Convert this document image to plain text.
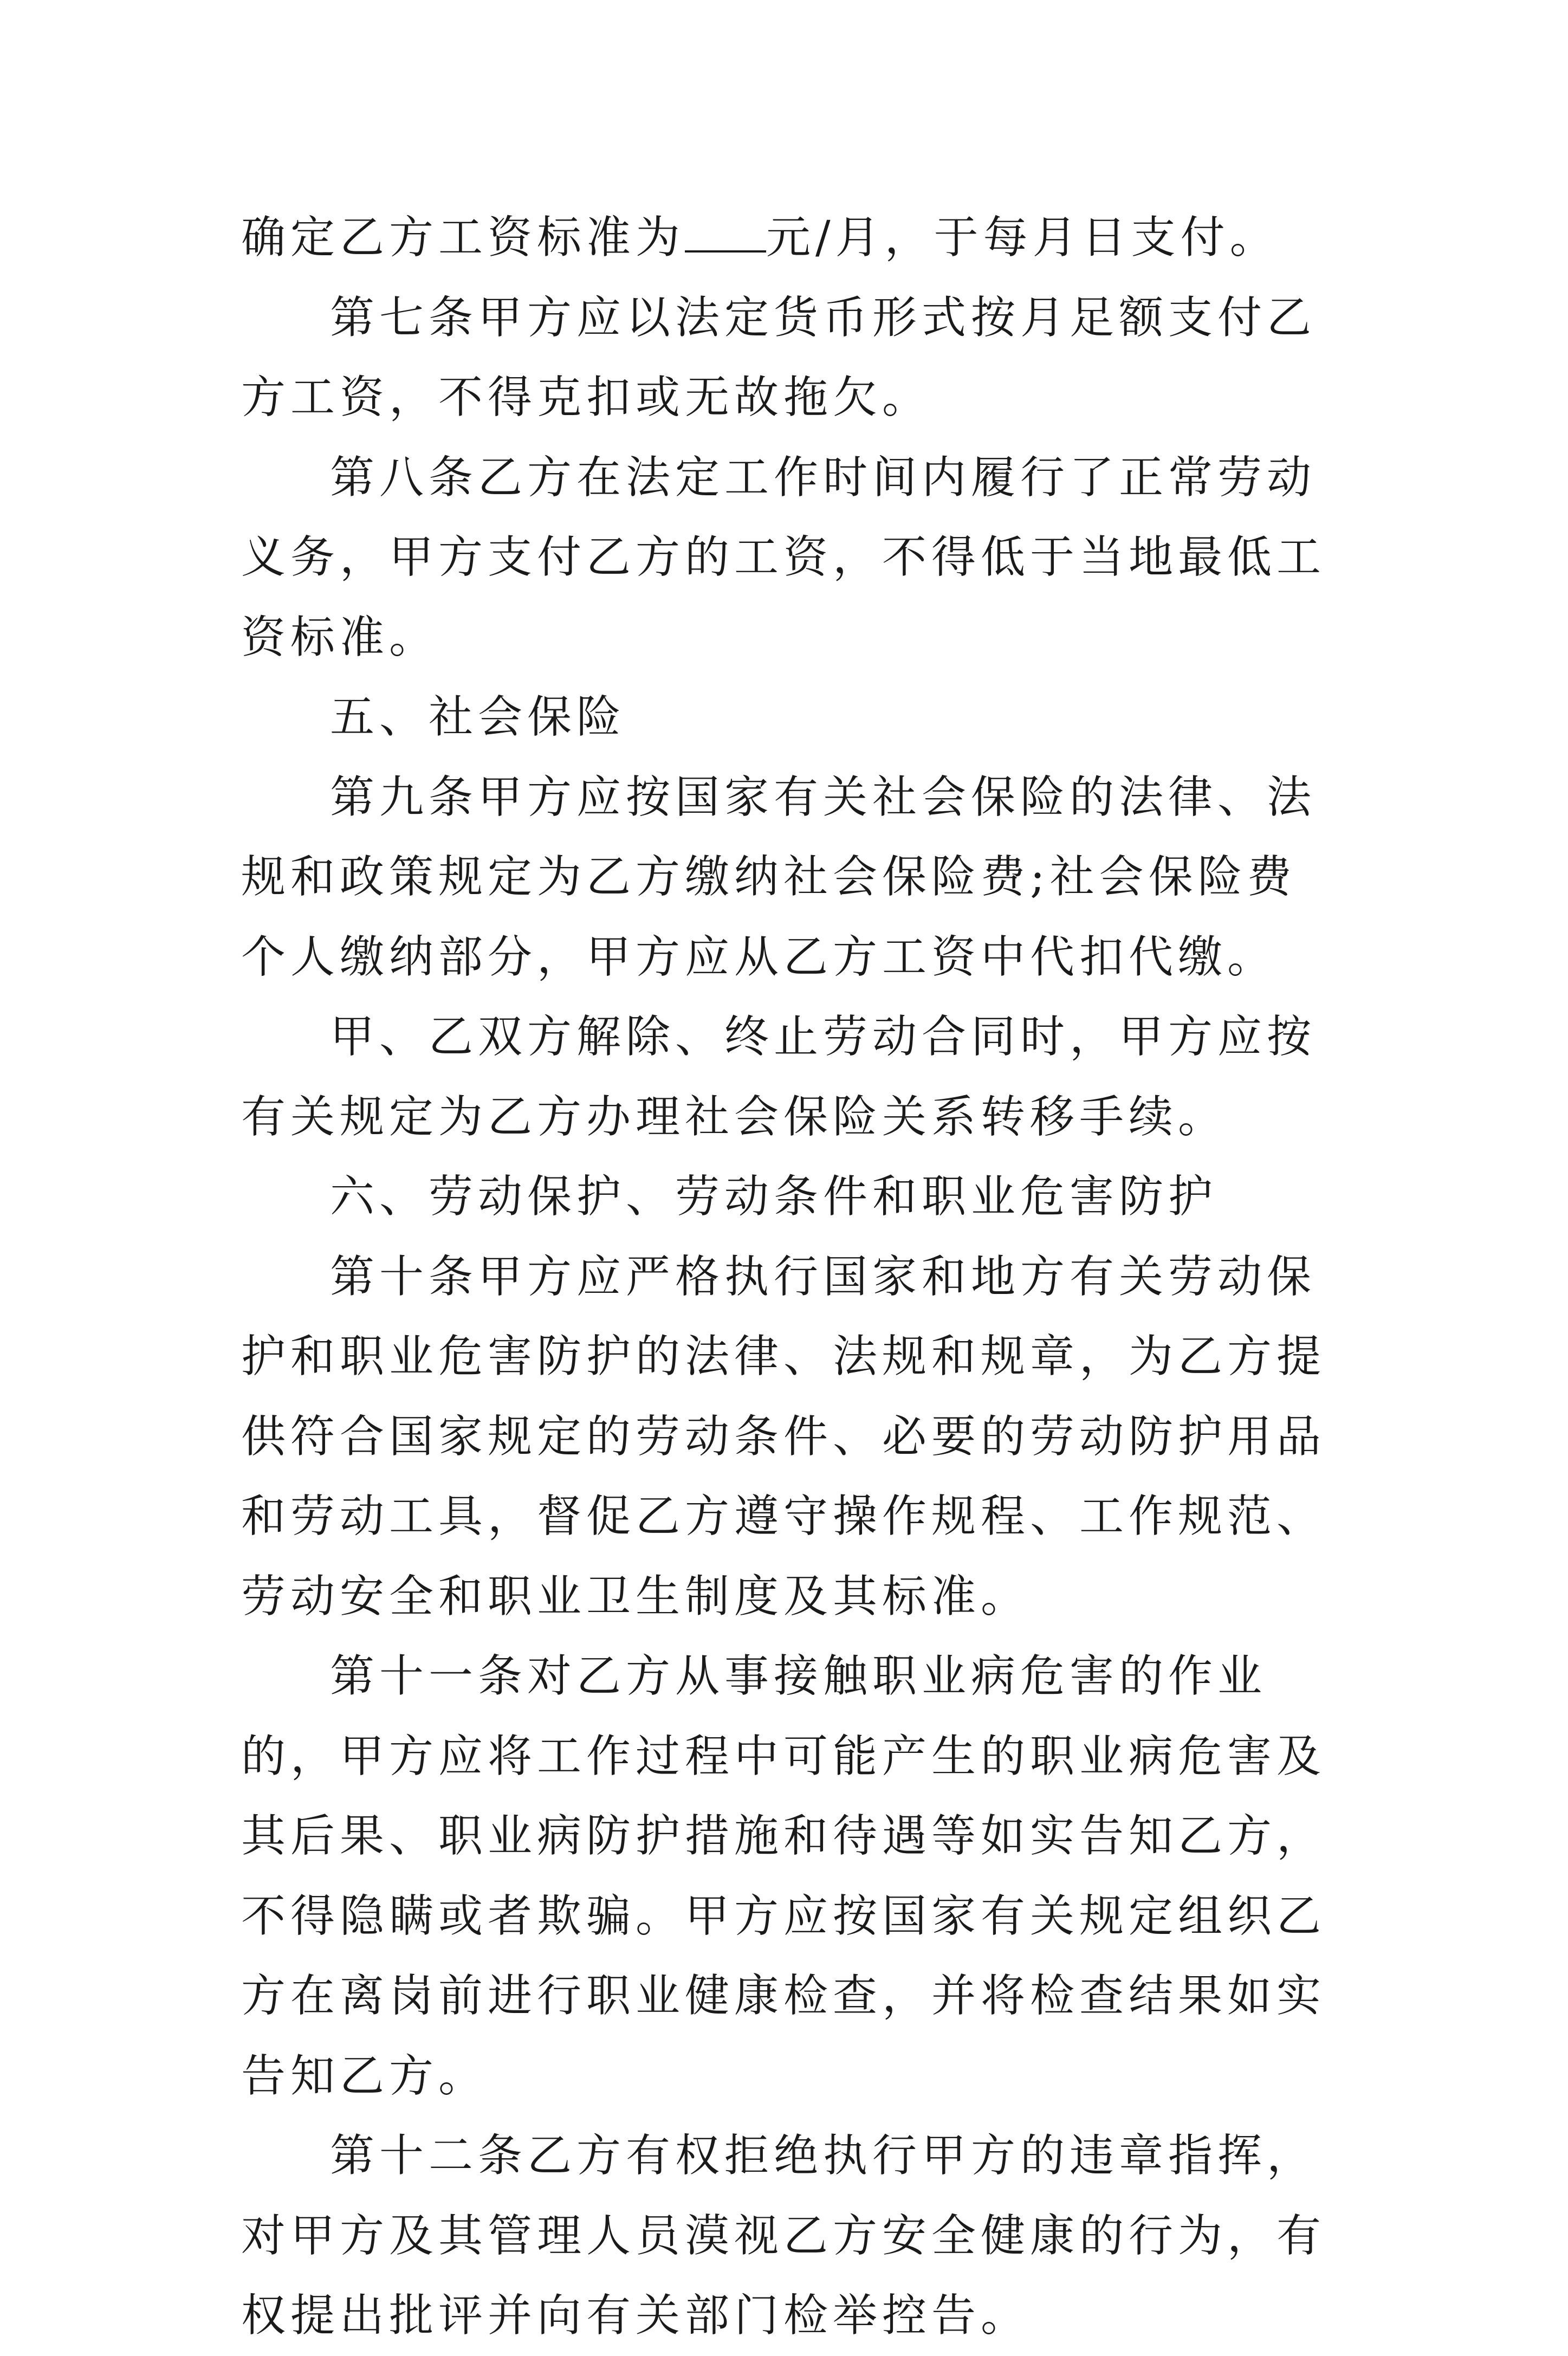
确定乙方工资标准为 元/月，于每月日支付。

第七条甲方应以法定货币形式按月足额支付乙方工资，不得克扣或无故拖欠。

第八条乙方在法定工作时间内履行了正常劳动义务，甲方支付乙方的工资，不得低于当地最低工资标准。

五、社会保险

第九条甲方应按国家有关社会保险的法律、法规和政策规定为乙方缴纳社会保险费;社会保险费个人缴纳部分，甲方应从乙方工资中代扣代缴。

甲、乙双方解除、终止劳动合同时，甲方应按有关规定为乙方办理社会保险关系转移手续。

六、劳动保护、劳动条件和职业危害防护

第十条甲方应严格执行国家和地方有关劳动保护和职业危害防护的法律、法规和规章，为乙方提供符合国家规定的劳动条件、必要的劳动防护用品和劳动工具，督促乙方遵守操作规程、工作规范、劳动安全和职业卫生制度及其标准。

第十一条对乙方从事接触职业病危害的作业的，甲方应将工作过程中可能产生的职业病危害及其后果、职业病防护措施和待遇等如实告知乙方，不得隐瞒或者欺骗。甲方应按国家有关规定组织乙方在离岗前进行职业健康检查，并将检查结果如实告知乙方。

第十二条乙方有权拒绝执行甲方的违章指挥，对甲方及其管理人员漠视乙方安全健康的行为，有权提出批评并向有关部门检举控告。
